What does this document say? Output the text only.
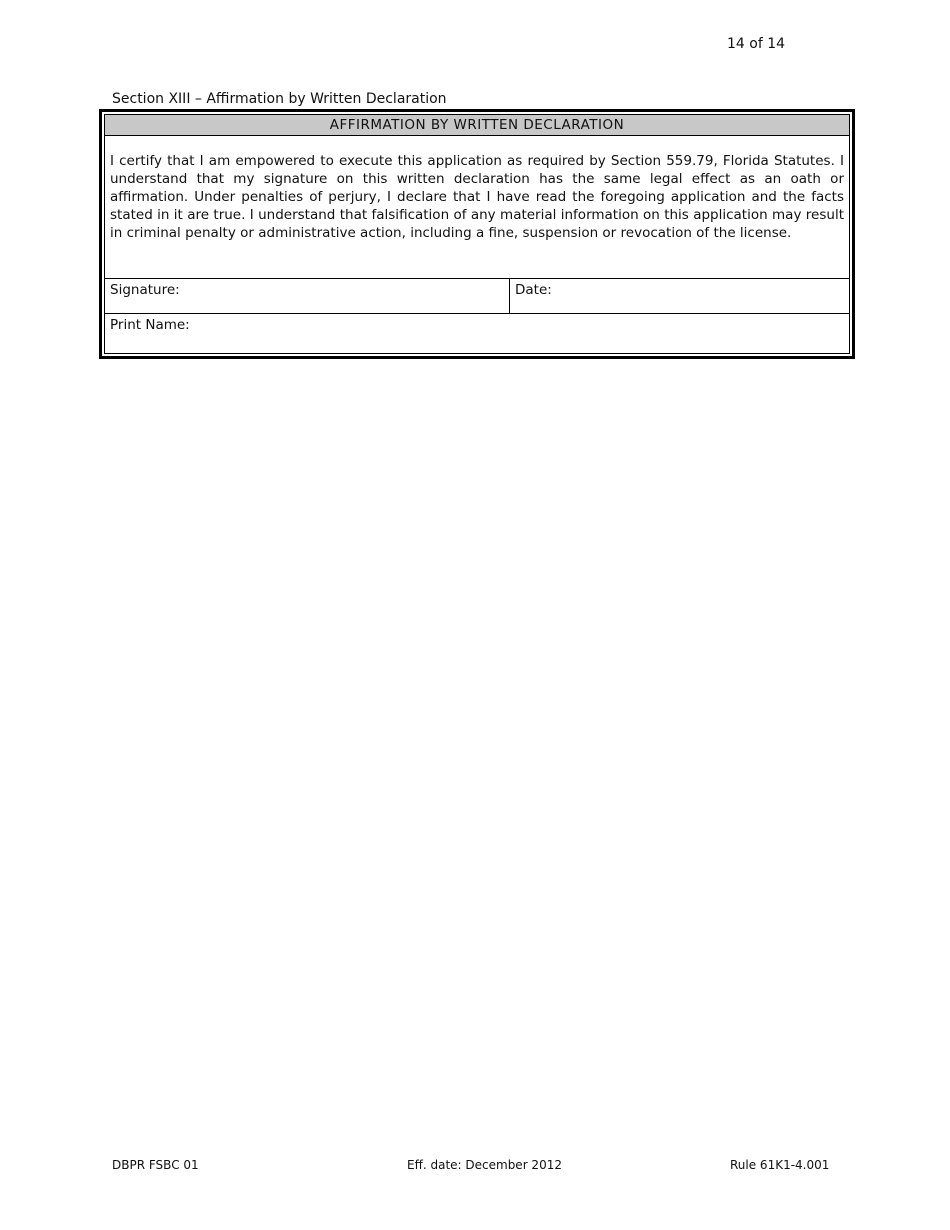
14 of 14
Section XIII – Affirmation by Written Declaration
AFFIRMATION BY WRITTEN DECLARATION
I certify that I am empowered to execute this application as required by Section 559.79, Florida Statutes. I understand that my signature on this written declaration has the same legal effect as an oath or affirmation. Under penalties of perjury, I declare that I have read the foregoing application and the facts stated in it are true. I understand that falsification of any material information on this application may result in criminal penalty or administrative action, including a fine, suspension or revocation of the license.
Signature:	Date:
Print Name:
DBPR FSBC 01	Eff. date: December 2012	Rule 61K1-4.001
